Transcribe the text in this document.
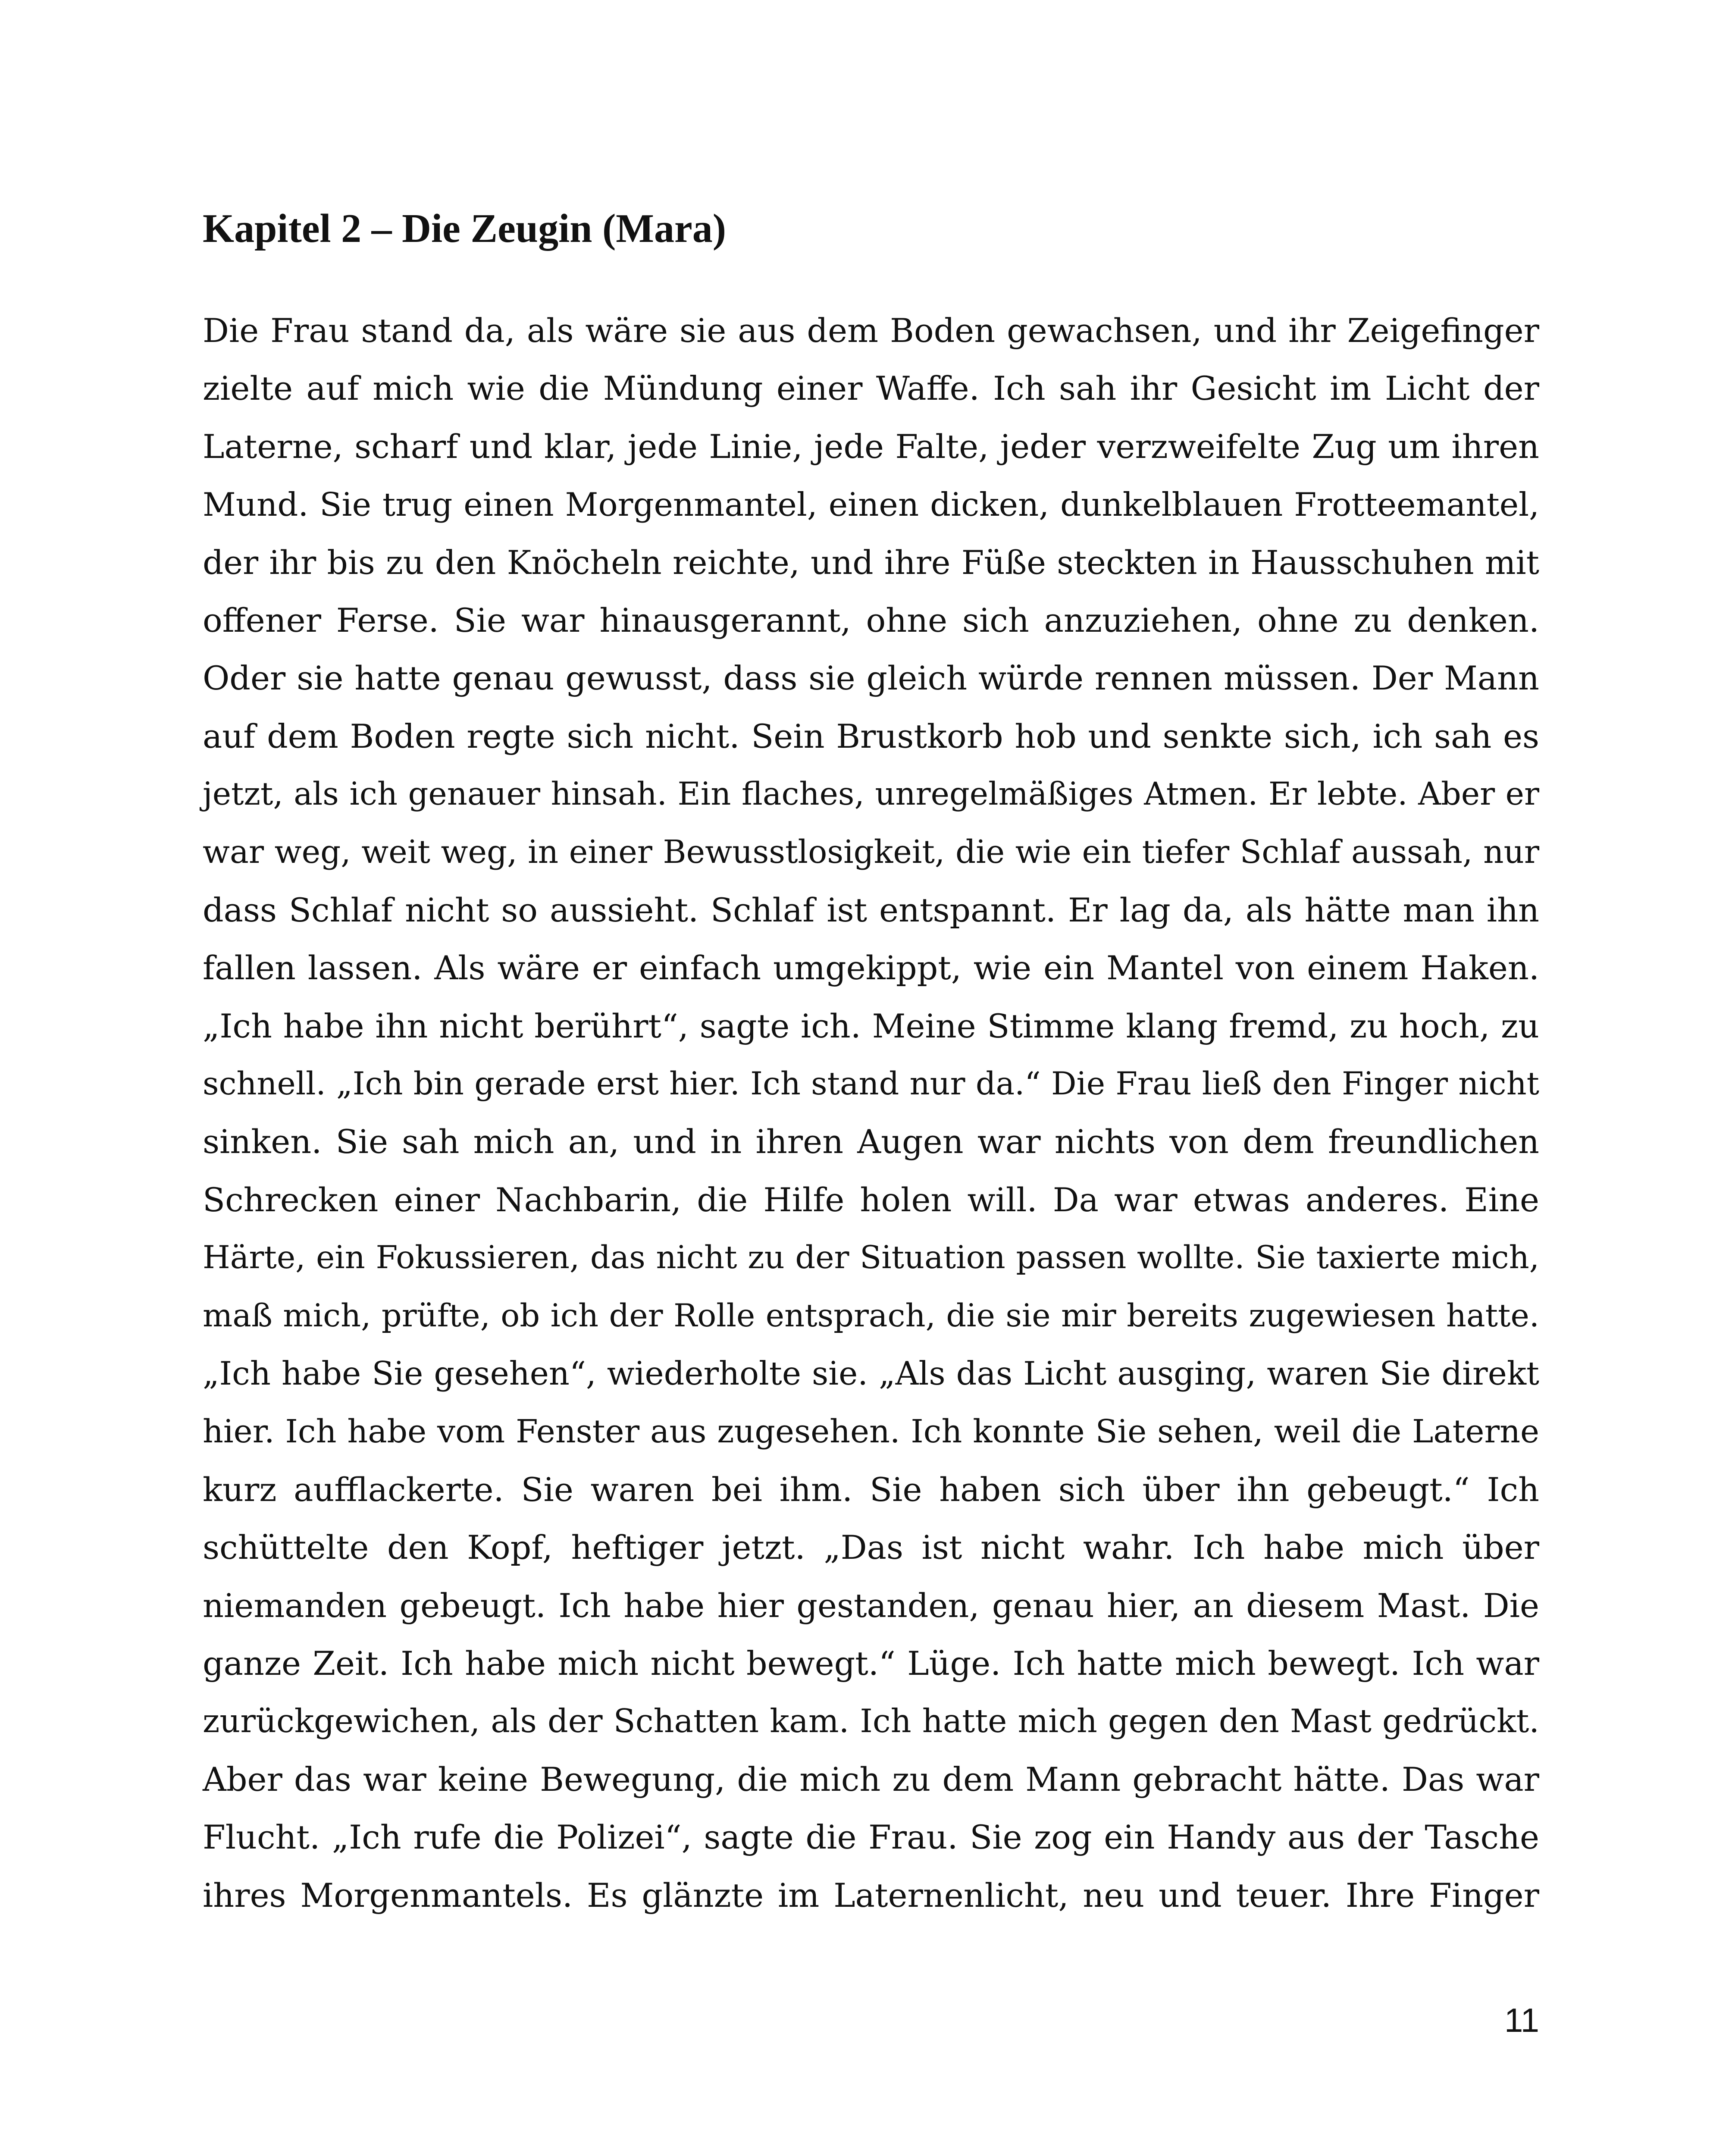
Kapitel 2 – Die Zeugin (Mara)
Die Frau stand da, als wäre sie aus dem Boden gewachsen, und ihr Zeigefinger
zielte auf mich wie die Mündung einer Waffe. Ich sah ihr Gesicht im Licht der
Laterne, scharf und klar, jede Linie, jede Falte, jeder verzweifelte Zug um ihren
Mund. Sie trug einen Morgenmantel, einen dicken, dunkelblauen Frotteemantel,
der ihr bis zu den Knöcheln reichte, und ihre Füße steckten in Hausschuhen mit
offener Ferse. Sie war hinausgerannt, ohne sich anzuziehen, ohne zu denken.
Oder sie hatte genau gewusst, dass sie gleich würde rennen müssen. Der Mann
auf dem Boden regte sich nicht. Sein Brustkorb hob und senkte sich, ich sah es
jetzt, als ich genauer hinsah. Ein flaches, unregelmäßiges Atmen. Er lebte. Aber er
war weg, weit weg, in einer Bewusstlosigkeit, die wie ein tiefer Schlaf aussah, nur
dass Schlaf nicht so aussieht. Schlaf ist entspannt. Er lag da, als hätte man ihn
fallen lassen. Als wäre er einfach umgekippt, wie ein Mantel von einem Haken.
„Ich habe ihn nicht berührt“, sagte ich. Meine Stimme klang fremd, zu hoch, zu
schnell. „Ich bin gerade erst hier. Ich stand nur da.“ Die Frau ließ den Finger nicht
sinken. Sie sah mich an, und in ihren Augen war nichts von dem freundlichen
Schrecken einer Nachbarin, die Hilfe holen will. Da war etwas anderes. Eine
Härte, ein Fokussieren, das nicht zu der Situation passen wollte. Sie taxierte mich,
maß mich, prüfte, ob ich der Rolle entsprach, die sie mir bereits zugewiesen hatte.
„Ich habe Sie gesehen“, wiederholte sie. „Als das Licht ausging, waren Sie direkt
hier. Ich habe vom Fenster aus zugesehen. Ich konnte Sie sehen, weil die Laterne
kurz aufflackerte. Sie waren bei ihm. Sie haben sich über ihn gebeugt.“ Ich
schüttelte den Kopf, heftiger jetzt. „Das ist nicht wahr. Ich habe mich über
niemanden gebeugt. Ich habe hier gestanden, genau hier, an diesem Mast. Die
ganze Zeit. Ich habe mich nicht bewegt.“ Lüge. Ich hatte mich bewegt. Ich war
zurückgewichen, als der Schatten kam. Ich hatte mich gegen den Mast gedrückt.
Aber das war keine Bewegung, die mich zu dem Mann gebracht hätte. Das war
Flucht. „Ich rufe die Polizei“, sagte die Frau. Sie zog ein Handy aus der Tasche
ihres Morgenmantels. Es glänzte im Laternenlicht, neu und teuer. Ihre Finger
11
